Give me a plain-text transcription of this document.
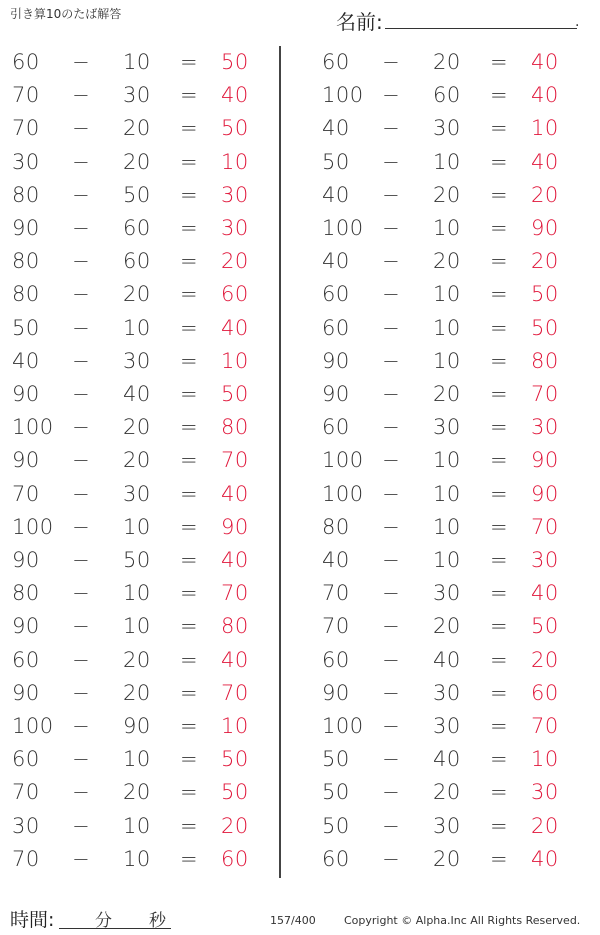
引き算10のたば解答	名前:	.
60 − 10 = 50
70 − 30 = 40
70 − 20 = 50
30 − 20 = 10
80 − 50 = 30
90 − 60 = 30
80 − 60 = 20
80 − 20 = 60
50 − 10 = 40
40 − 30 = 10
90 − 40 = 50
100 − 20 = 80
90 − 20 = 70
70 − 30 = 40
100 − 10 = 90
90 − 50 = 40
80 − 10 = 70
90 − 10 = 80
60 − 20 = 40
90 − 20 = 70
100 − 90 = 10
60 − 10 = 50
70 − 20 = 50
30 − 10 = 20
70 − 10 = 60
60 − 20 = 40
100 − 60 = 40
40 − 30 = 10
50 − 10 = 40
40 − 20 = 20
100 − 10 = 90
40 − 20 = 20
60 − 10 = 50
60 − 10 = 50
90 − 10 = 80
90 − 20 = 70
60 − 30 = 30
100 − 10 = 90
100 − 10 = 90
80 − 10 = 70
40 − 10 = 30
70 − 30 = 40
70 − 20 = 50
60 − 40 = 20
90 − 30 = 60
100 − 30 = 70
50 − 40 = 10
50 − 20 = 30
50 − 30 = 20
60 − 20 = 40
時間: 分 秒	157/400	Copyright © Alpha.Inc All Rights Reserved.
